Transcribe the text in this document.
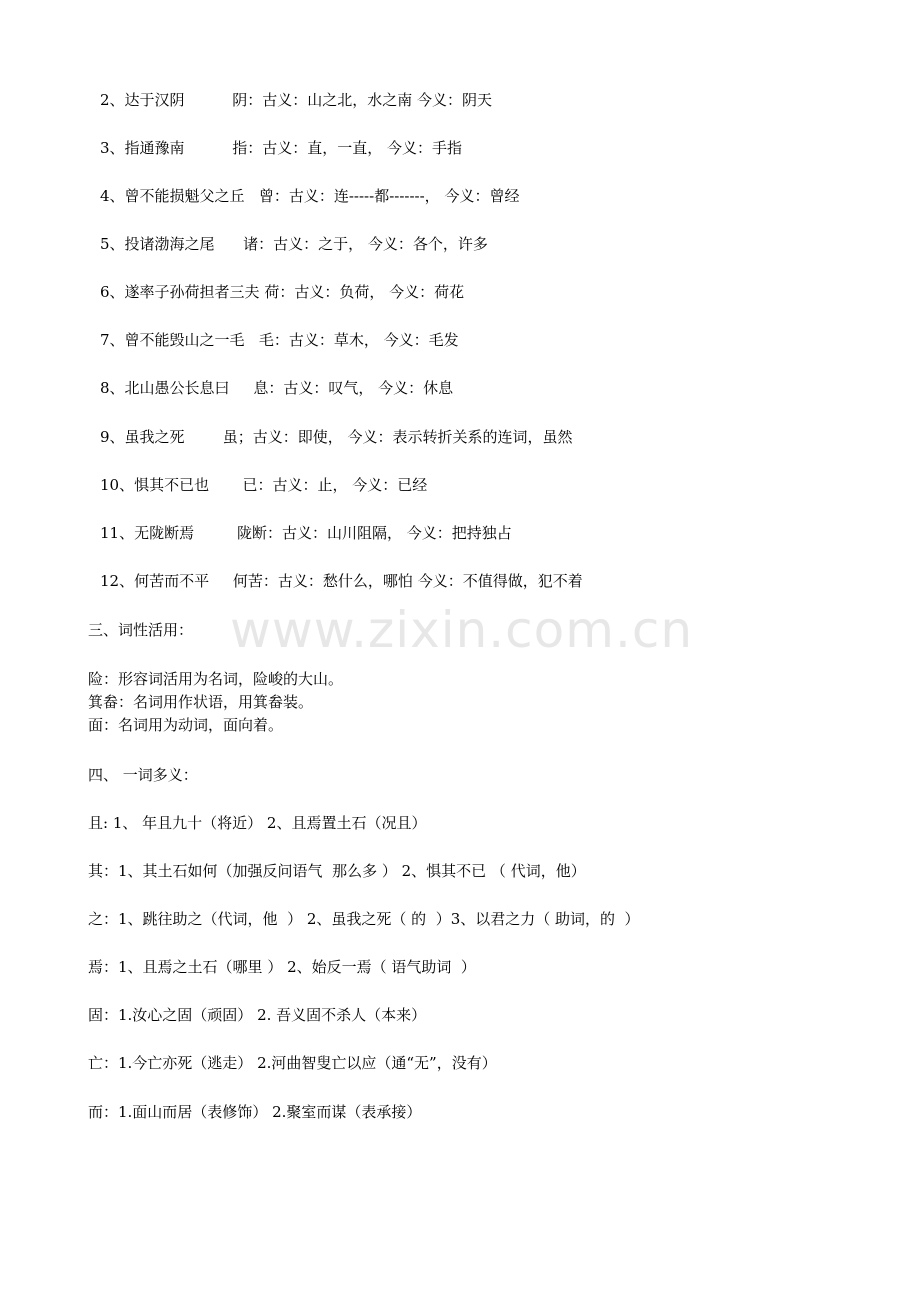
www.zixin.com.cn
2、达于汉阴          阴：古义：山之北，水之南 今义：阴天
3、指通豫南          指：古义：直，一直， 今义：手指
4、曾不能损魁父之丘   曾：古义：连-----都-------， 今义：曾经
5、投诸渤海之尾      诸：古义：之于， 今义：各个，许多
6、遂率子孙荷担者三夫 荷：古义：负荷， 今义：荷花
7、曾不能毁山之一毛   毛：古义：草木， 今义：毛发
8、北山愚公长息曰     息：古义：叹气， 今义：休息
9、虽我之死        虽；古义：即使， 今义：表示转折关系的连词，虽然
10、惧其不已也       已：古义：止， 今义：已经
11、无陇断焉         陇断：古义：山川阻隔， 今义：把持独占
12、何苦而不平     何苦：古义：愁什么，哪怕 今义：不值得做，犯不着
三、词性活用：
险：形容词活用为名词，险峻的大山。
箕畚：名词用作状语，用箕畚装。
面：名词用为动词，面向着。
四、 一词多义：
且: 1、 年且九十（将近） 2、且焉置土石（况且）
其：1、其土石如何（加强反问语气  那么多 ） 2、惧其不已 （ 代词，他）
之：1、跳往助之（代词，他  ） 2、虽我之死（ 的  ）3、以君之力（ 助词，的  ）
焉：1、且焉之土石（哪里 ） 2、始反一焉（ 语气助词  ）
固：1.汝心之固（顽固） 2. 吾义固不杀人（本来）
亡：1.今亡亦死（逃走） 2.河曲智叟亡以应（通“无”，没有）
而：1.面山而居（表修饰） 2.聚室而谋（表承接）
